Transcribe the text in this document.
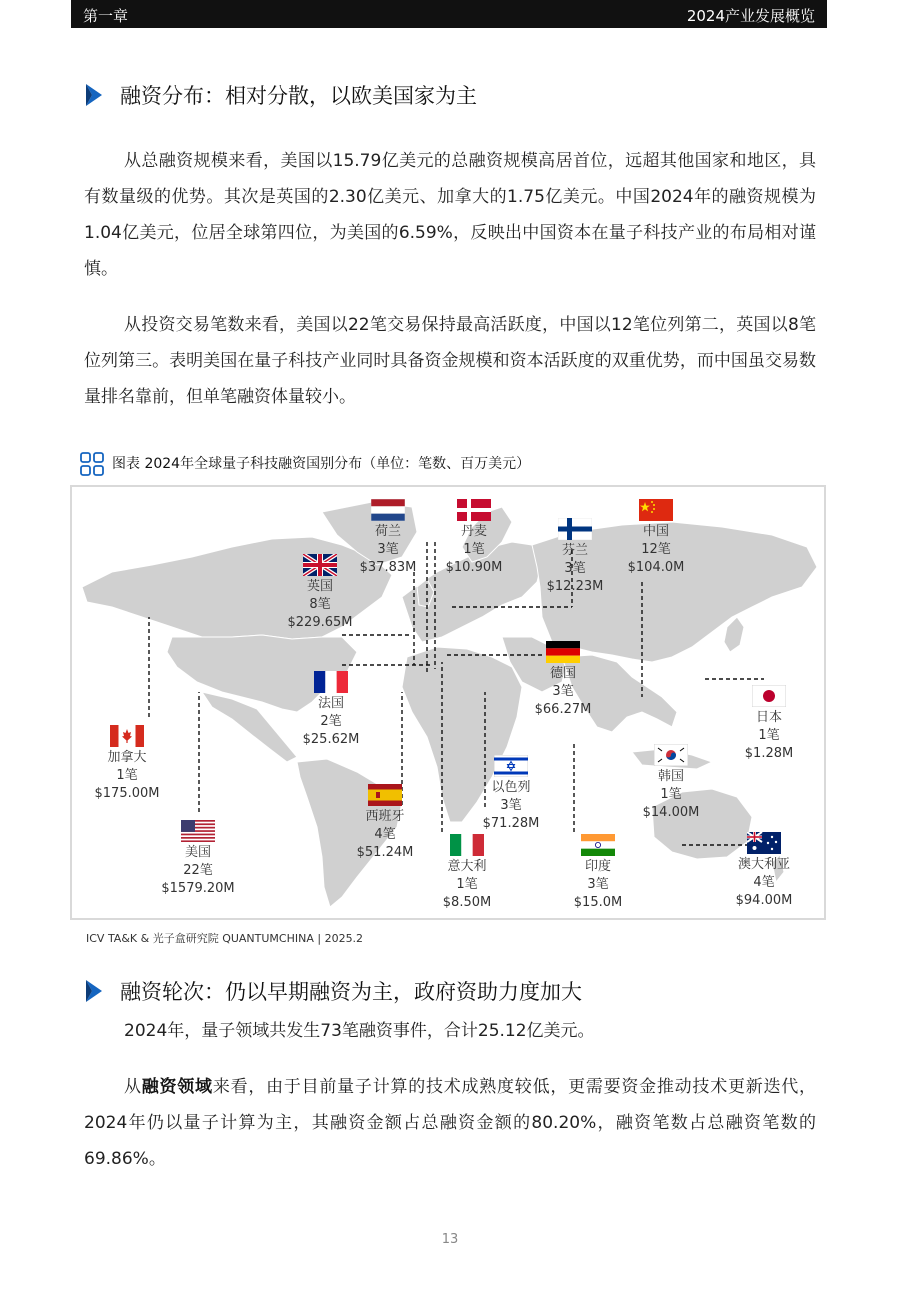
第一章	2024产业发展概览
融资分布：相对分散，以欧美国家为主

从总融资规模来看，美国以15.79亿美元的总融资规模高居首位，远超其他国家和地区，具有数量级的优势。其次是英国的2.30亿美元、加拿大的1.75亿美元。中国2024年的融资规模为1.04亿美元，位居全球第四位，为美国的6.59%，反映出中国资本在量子科技产业的布局相对谨慎。

从投资交易笔数来看，美国以22笔交易保持最高活跃度，中国以12笔位列第二，英国以8笔位列第三。表明美国在量子科技产业同时具备资金规模和资本活跃度的双重优势，而中国虽交易数量排名靠前，但单笔融资体量较小。

图表 2024年全球量子科技融资国别分布（单位：笔数、百万美元）
荷兰
3笔
$37.83M
丹麦
1笔
$10.90M
芬兰
3笔
$12.23M
中国
12笔
$104.0M
英国
8笔
$229.65M
德国
3笔
$66.27M
日本
1笔
$1.28M
法国
2笔
$25.62M
韩国
1笔
$14.00M
以色列
3笔
$71.28M
加拿大
1笔
$175.00M
西班牙
4笔
$51.24M
美国
22笔
$1579.20M
意大利
1笔
$8.50M
印度
3笔
$15.0M
澳大利亚
4笔
$94.00M
ICV TA&K & 光子盒研究院 QUANTUMCHINA | 2025.2
融资轮次：仍以早期融资为主，政府资助力度加大

2024年，量子领域共发生73笔融资事件，合计25.12亿美元。

从融资领域来看，由于目前量子计算的技术成熟度较低，更需要资金推动技术更新迭代，2024年仍以量子计算为主，其融资金额占总融资金额的80.20%，融资笔数占总融资笔数的69.86%。

13
